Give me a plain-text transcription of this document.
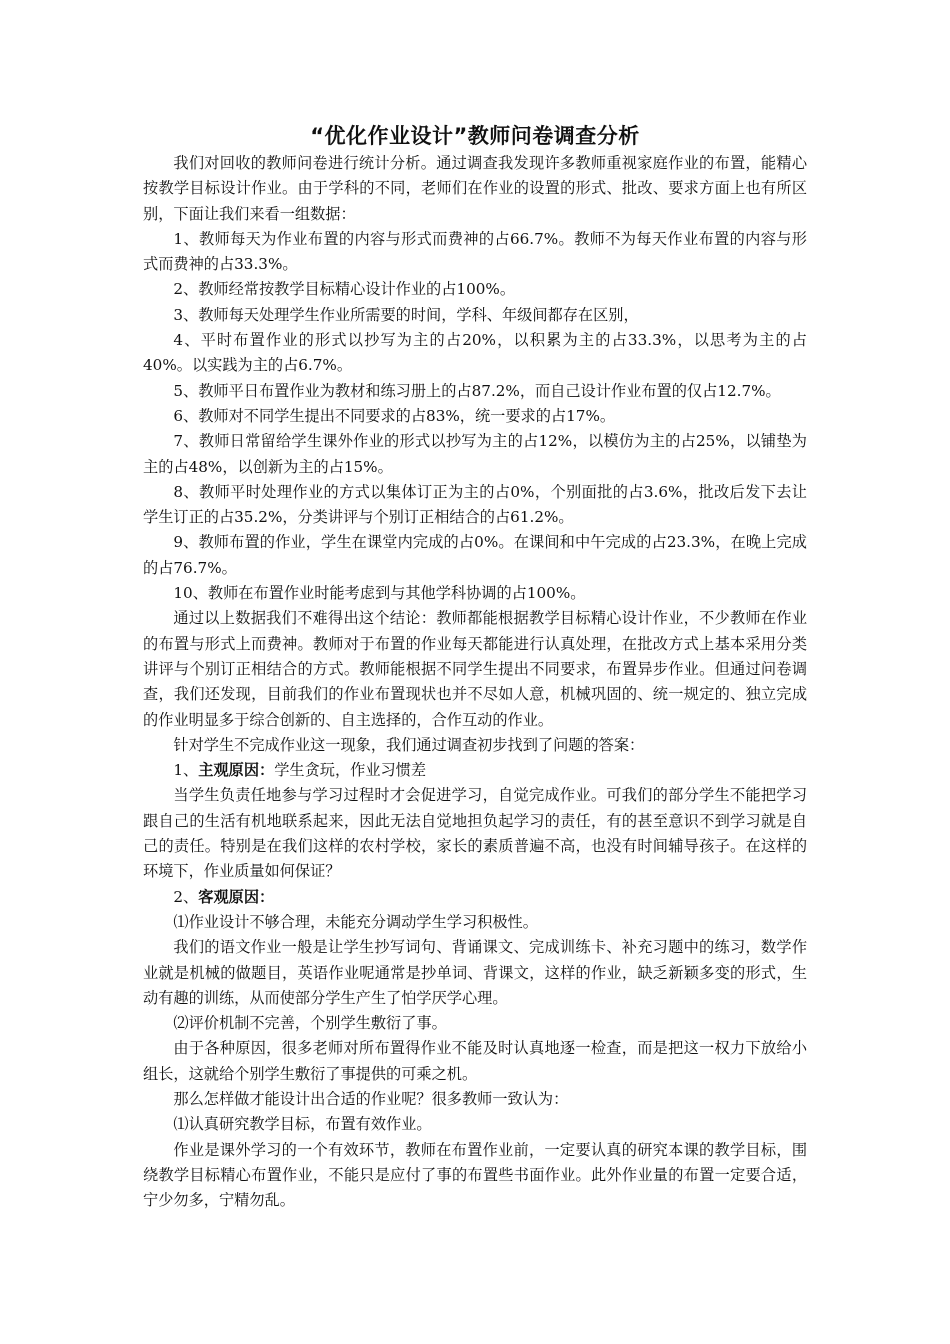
“优化作业设计”教师问卷调查分析

我们对回收的教师问卷进行统计分析。通过调查我发现许多教师重视家庭作业的布置，能精心按教学目标设计作业。由于学科的不同，老师们在作业的设置的形式、批改、要求方面上也有所区别，下面让我们来看一组数据：

1、教师每天为作业布置的内容与形式而费神的占66.7%。教师不为每天作业布置的内容与形式而费神的占33.3%。

2、教师经常按教学目标精心设计作业的占100%。

3、教师每天处理学生作业所需要的时间，学科、年级间都存在区别，

4、平时布置作业的形式以抄写为主的占20%，以积累为主的占33.3%，以思考为主的占40%。以实践为主的占6.7%。

5、教师平日布置作业为教材和练习册上的占87.2%，而自己设计作业布置的仅占12.7%。

6、教师对不同学生提出不同要求的占83%，统一要求的占17%。

7、教师日常留给学生课外作业的形式以抄写为主的占12%，以模仿为主的占25%，以铺垫为主的占48%，以创新为主的占15%。

8、教师平时处理作业的方式以集体订正为主的占0%，个别面批的占3.6%，批改后发下去让学生订正的占35.2%，分类讲评与个别订正相结合的占61.2%。

9、教师布置的作业，学生在课堂内完成的占0%。在课间和中午完成的占23.3%，在晚上完成的占76.7%。

10、教师在布置作业时能考虑到与其他学科协调的占100%。

通过以上数据我们不难得出这个结论：教师都能根据教学目标精心设计作业，不少教师在作业的布置与形式上而费神。教师对于布置的作业每天都能进行认真处理，在批改方式上基本采用分类讲评与个别订正相结合的方式。教师能根据不同学生提出不同要求，布置异步作业。但通过问卷调查，我们还发现，目前我们的作业布置现状也并不尽如人意，机械巩固的、统一规定的、独立完成的作业明显多于综合创新的、自主选择的，合作互动的作业。

针对学生不完成作业这一现象，我们通过调查初步找到了问题的答案：

1、主观原因：学生贪玩，作业习惯差

当学生负责任地参与学习过程时才会促进学习，自觉完成作业。可我们的部分学生不能把学习跟自己的生活有机地联系起来，因此无法自觉地担负起学习的责任，有的甚至意识不到学习就是自己的责任。特别是在我们这样的农村学校，家长的素质普遍不高，也没有时间辅导孩子。在这样的环境下，作业质量如何保证？

2、客观原因：

⑴作业设计不够合理，未能充分调动学生学习积极性。

我们的语文作业一般是让学生抄写词句、背诵课文、完成训练卡、补充习题中的练习，数学作业就是机械的做题目，英语作业呢通常是抄单词、背课文，这样的作业，缺乏新颖多变的形式，生动有趣的训练，从而使部分学生产生了怕学厌学心理。

⑵评价机制不完善，个别学生敷衍了事。

由于各种原因，很多老师对所布置得作业不能及时认真地逐一检查，而是把这一权力下放给小组长，这就给个别学生敷衍了事提供的可乘之机。

那么怎样做才能设计出合适的作业呢？很多教师一致认为：

⑴认真研究教学目标，布置有效作业。

作业是课外学习的一个有效环节，教师在布置作业前，一定要认真的研究本课的教学目标，围绕教学目标精心布置作业，不能只是应付了事的布置些书面作业。此外作业量的布置一定要合适，宁少勿多，宁精勿乱。
